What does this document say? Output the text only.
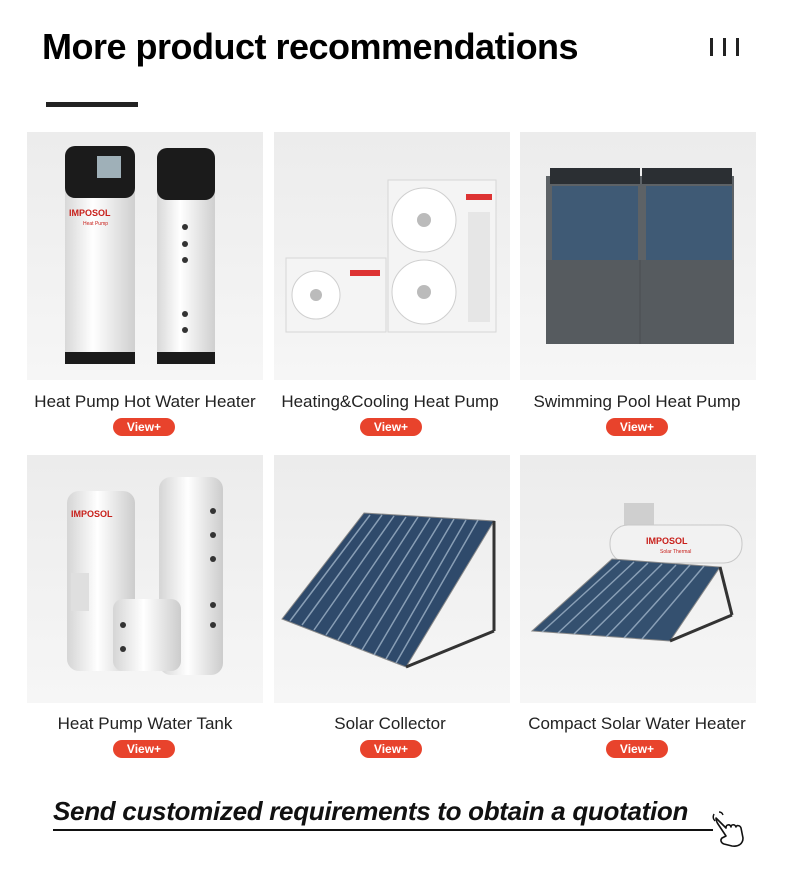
More product recommendations
IMPOSOL
Heat Pump
Heat Pump Hot Water Heater
View+
Heating&Cooling Heat Pump
View+
Swimming Pool Heat Pump
View+
IMPOSOL
Heat Pump Water Tank
View+
Solar Collector
View+
IMPOSOL
Solar Thermal
Compact Solar Water Heater
View+

Send customized requirements to obtain a quotation
